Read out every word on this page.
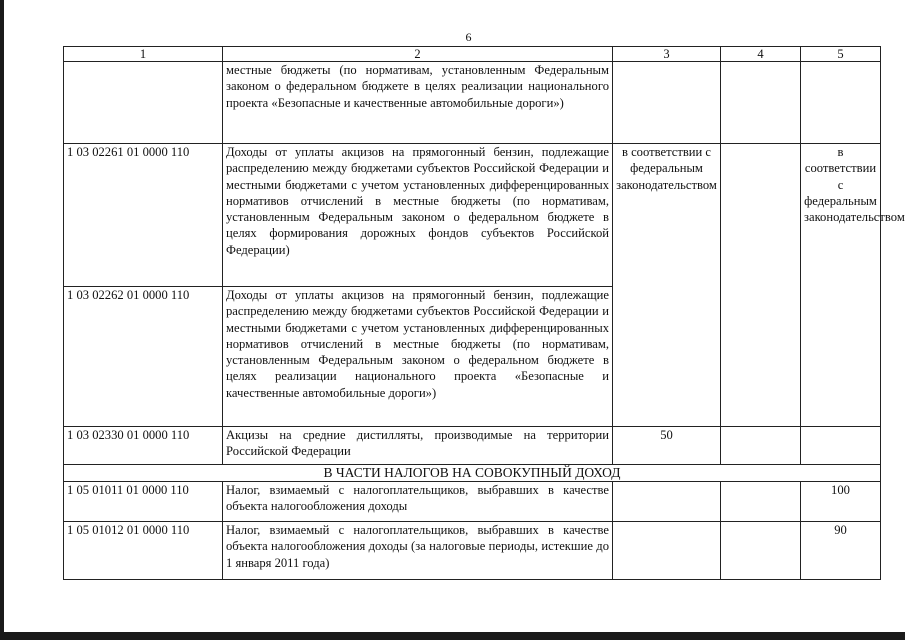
6
1	2	3	4	5
	местные бюджеты (по нормативам, установленным Федеральным законом о федеральном бюджете в целях реализации национального проекта «Безопасные и качественные автомобильные дороги»)			
1 03 02261 01 0000 110	Доходы от уплаты акцизов на прямогонный бензин, подлежащие распределению между бюджетами субъектов Российской Федерации и местными бюджетами с учетом установленных дифференцированных нормативов отчислений в местные бюджеты (по нормативам, установленным Федеральным законом о федеральном бюджете в целях формирования дорожных фондов субъектов Российской Федерации)	в соответствии с федеральным законодательством		в соответствии с федеральным законодательством
1 03 02262 01 0000 110	Доходы от уплаты акцизов на прямогонный бензин, подлежащие распределению между бюджетами субъектов Российской Федерации и местными бюджетами с учетом установленных дифференцированных нормативов отчислений в местные бюджеты (по нормативам, установленным Федеральным законом о федеральном бюджете в целях реализации национального проекта «Безопасные и качественные автомобильные дороги»)			
1 03 02330 01 0000 110	Акцизы на средние дистилляты, производимые на территории Российской Федерации	50		
В ЧАСТИ НАЛОГОВ НА СОВОКУПНЫЙ ДОХОД				
1 05 01011 01 0000 110	Налог, взимаемый с налогоплательщиков, выбравших в качестве объекта налогообложения доходы			100
1 05 01012 01 0000 110	Налог, взимаемый с налогоплательщиков, выбравших в качестве объекта налогообложения доходы (за налоговые периоды, истекшие до 1 января 2011 года)			90
